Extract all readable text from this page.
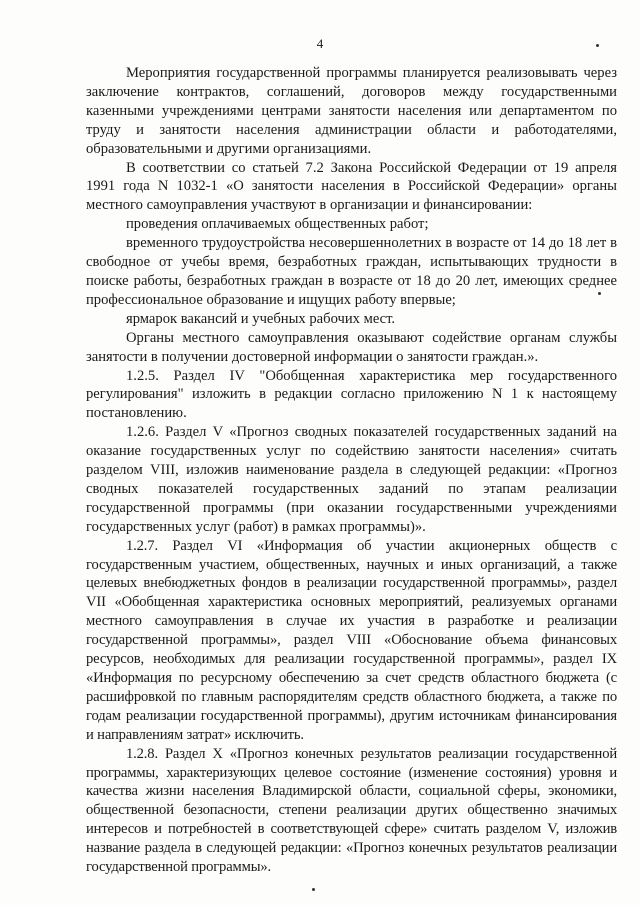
4

Мероприятия государственной программы планируется реализовывать через заключение контрактов, соглашений, договоров между государственными казенными учреждениями центрами занятости населения или департаментом по труду и занятости населения администрации области и работодателями, образовательными и другими организациями.

В соответствии со статьей 7.2 Закона Российской Федерации от 19 апреля 1991 года N 1032-1 «О занятости населения в Российской Федерации» органы местного самоуправления участвуют в организации и финансировании:

проведения оплачиваемых общественных работ;

временного трудоустройства несовершеннолетних в возрасте от 14 до 18 лет в свободное от учебы время, безработных граждан, испытывающих трудности в поиске работы, безработных граждан в возрасте от 18 до 20 лет, имеющих среднее профессиональное образование и ищущих работу впервые;

ярмарок вакансий и учебных рабочих мест.

Органы местного самоуправления оказывают содействие органам службы занятости в получении достоверной информации о занятости граждан.».

1.2.5. Раздел IV "Обобщенная характеристика мер государственного регулирования" изложить в редакции согласно приложению N 1 к настоящему постановлению.

1.2.6. Раздел V «Прогноз сводных показателей государственных заданий на оказание государственных услуг по содействию занятости населения» считать разделом VIII, изложив наименование раздела в следующей редакции: «Прогноз сводных показателей государственных заданий по этапам реализации государственной программы (при оказании государственными учреждениями государственных услуг (работ) в рамках программы)».

1.2.7. Раздел VI «Информация об участии акционерных обществ с государственным участием, общественных, научных и иных организаций, а также целевых внебюджетных фондов в реализации государственной программы», раздел VII «Обобщенная характеристика основных мероприятий, реализуемых органами местного самоуправления в случае их участия в разработке и реализации государственной программы», раздел VIII «Обоснование объема финансовых ресурсов, необходимых для реализации государственной программы», раздел IX «Информация по ресурсному обеспечению за счет средств областного бюджета (с расшифровкой по главным распорядителям средств областного бюджета, а также по годам реализации государственной программы), другим источникам финансирования и направлениям затрат» исключить.

1.2.8. Раздел X «Прогноз конечных результатов реализации государственной программы, характеризующих целевое состояние (изменение состояния) уровня и качества жизни населения Владимирской области, социальной сферы, экономики, общественной безопасности, степени реализации других общественно значимых интересов и потребностей в соответствующей сфере» считать разделом V, изложив название раздела в следующей редакции: «Прогноз конечных результатов реализации государственной программы».
